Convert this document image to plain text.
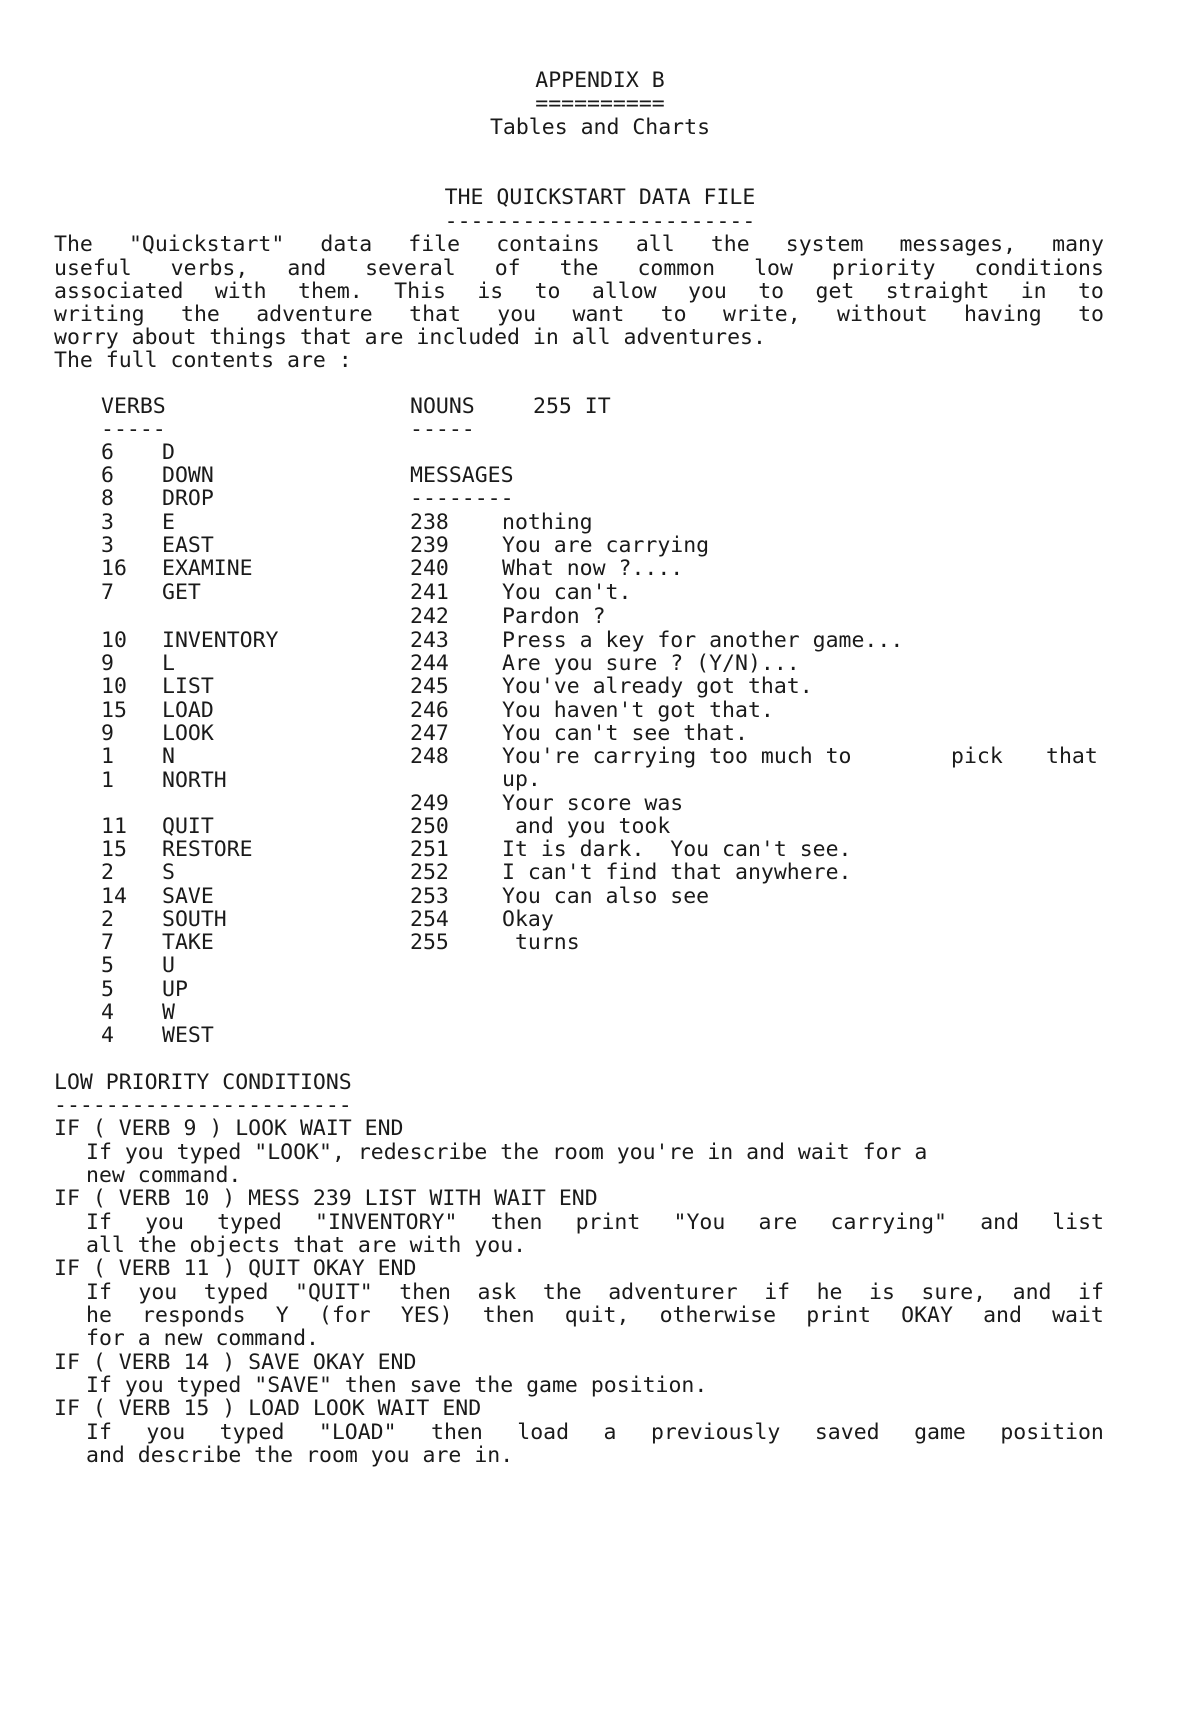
APPENDIX B
==========
Tables and Charts
THE QUICKSTART DATA FILE
------------------------
The "Quickstart" data file contains all the system messages, many
useful verbs, and several of the common low priority conditions
associated with them. This is to allow you to get straight in to
writing the adventure that you want to write, without having to
worry about things that are included in all adventures.
The full contents are :
VERBS
-----
NOUNS	255 IT
-----
6 D
6 DOWN
8 DROP
3 E
3 EAST
16 EXAMINE
7 GET
10 INVENTORY
9 L
10 LIST
15 LOAD
9 LOOK
1 N
1 NORTH
11 QUIT
15 RESTORE
2 S
14 SAVE
2 SOUTH
7 TAKE
5 U
5 UP
4 W
4 WEST
MESSAGES
--------
238 nothing
239 You are carrying
240 What now ?....
241 You can't.
242 Pardon ?
243 Press a key for another game...
244 Are you sure ? (Y/N)...
245 You've already got that.
246 You haven't got that.
247 You can't see that.
248 You're carrying too much to	pick that
up.
249 Your score was
250 and you took
251 It is dark.  You can't see.
252 I can't find that anywhere.
253 You can also see
254 Okay
255 turns
LOW PRIORITY CONDITIONS
-----------------------
IF ( VERB 9 ) LOOK WAIT END
If you typed "LOOK", redescribe the room you're in and wait for a
new command.
IF ( VERB 10 ) MESS 239 LIST WITH WAIT END
If you typed "INVENTORY" then print "You are carrying" and list
all the objects that are with you.
IF ( VERB 11 ) QUIT OKAY END
If you typed "QUIT" then ask the adventurer if he is sure, and if
he responds Y (for YES) then quit, otherwise print OKAY and wait
for a new command.
IF ( VERB 14 ) SAVE OKAY END
If you typed "SAVE" then save the game position.
IF ( VERB 15 ) LOAD LOOK WAIT END
If you typed "LOAD" then load a previously saved game position
and describe the room you are in.
